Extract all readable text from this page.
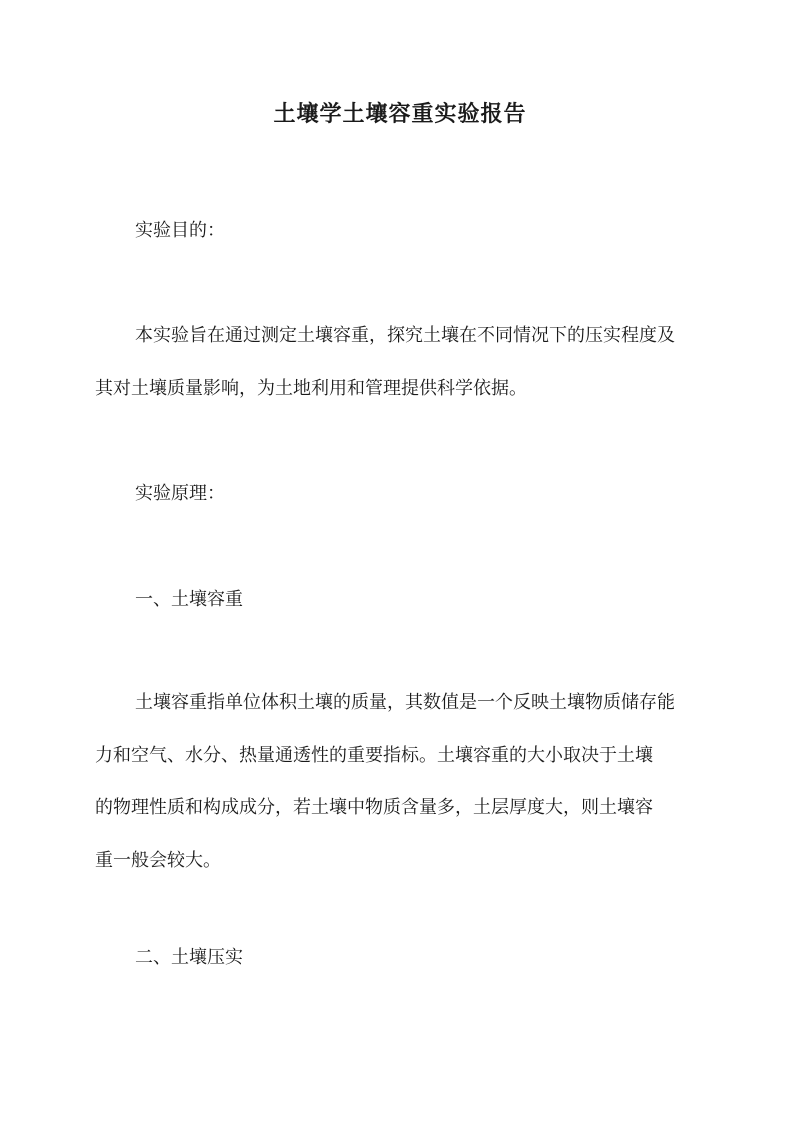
土壤学土壤容重实验报告

实验目的：

本实验旨在通过测定土壤容重，探究土壤在不同情况下的压实程度及
其对土壤质量影响，为土地利用和管理提供科学依据。

实验原理：

一、土壤容重

土壤容重指单位体积土壤的质量，其数值是一个反映土壤物质储存能
力和空气、水分、热量通透性的重要指标。土壤容重的大小取决于土壤的物理性质和构成成分，若土壤中物质含量多，土层厚度大，则土壤容重一般会较大。

二、土壤压实
